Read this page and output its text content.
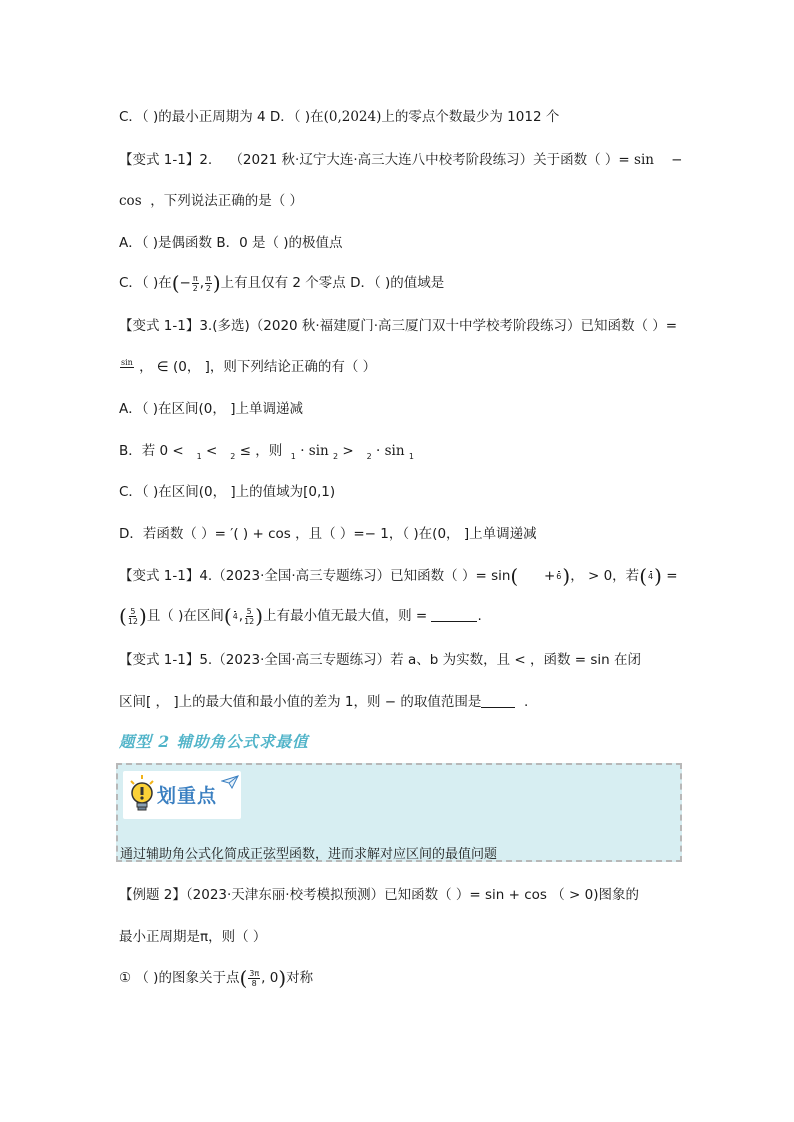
C．（ )的最小正周期为 4 D．（ )在(0,2024)上的零点个数最少为 1012 个
【变式 1-1】2. （2021 秋·辽宁大连·高三大连八中校考阶段练习）关于函数（ ）= sin −
cos ，下列说法正确的是（ ）
A．（ )是偶函数 B．0 是（ )的极值点
C．（ )在(− $\frac{\pi}{2}$ , $\frac{\pi}{2}$ )上有且仅有 2 个零点 D．（ )的值域是
【变式 1-1】3.(多选)（2020 秋·福建厦门·高三厦门双十中学校考阶段练习）已知函数（ ）=
sin
， ∈ (0， ]，则下列结论正确的有（ ）
A．（ )在区间(0， ]上单调递减
B．若 0 < $_1$ < $_2$ ≤ ，则 $_1$ · sin $_2$ > $_2$ · sin $_1$
C．（ )在区间(0， ]上的值域为[0,1)
D．若函数（ ）= ′( ) + cos ，且（ ）=− 1，（ )在(0， ]上单调递减
【变式 1-1】4.（2023·全国·高三专题练习）已知函数（ ）= sin(      + 6 )， > 0，若( 4 ) =
( $\frac{5}{12}$ )且（ )在区间( 4 , $\frac{5}{12}$ )上有最小值无最大值，则 =	.
【变式 1-1】5.（2023·全国·高三专题练习）若 a、b 为实数，且 < ，函数 = sin 在闭
区间[ ， ]上的最大值和最小值的差为 1，则 − 的取值范围是	.
题型 2 辅助角公式求最值
划重点
通过辅助角公式化简成正弦型函数，进而求解对应区间的最值问题
【例题 2】（2023·天津东丽·校考模拟预测）已知函数（ ）= sin + cos （ > 0)图象的
最小正周期是π，则（ ）
① （ )的图象关于点( $\frac{3\pi}{8}$ , 0)对称
